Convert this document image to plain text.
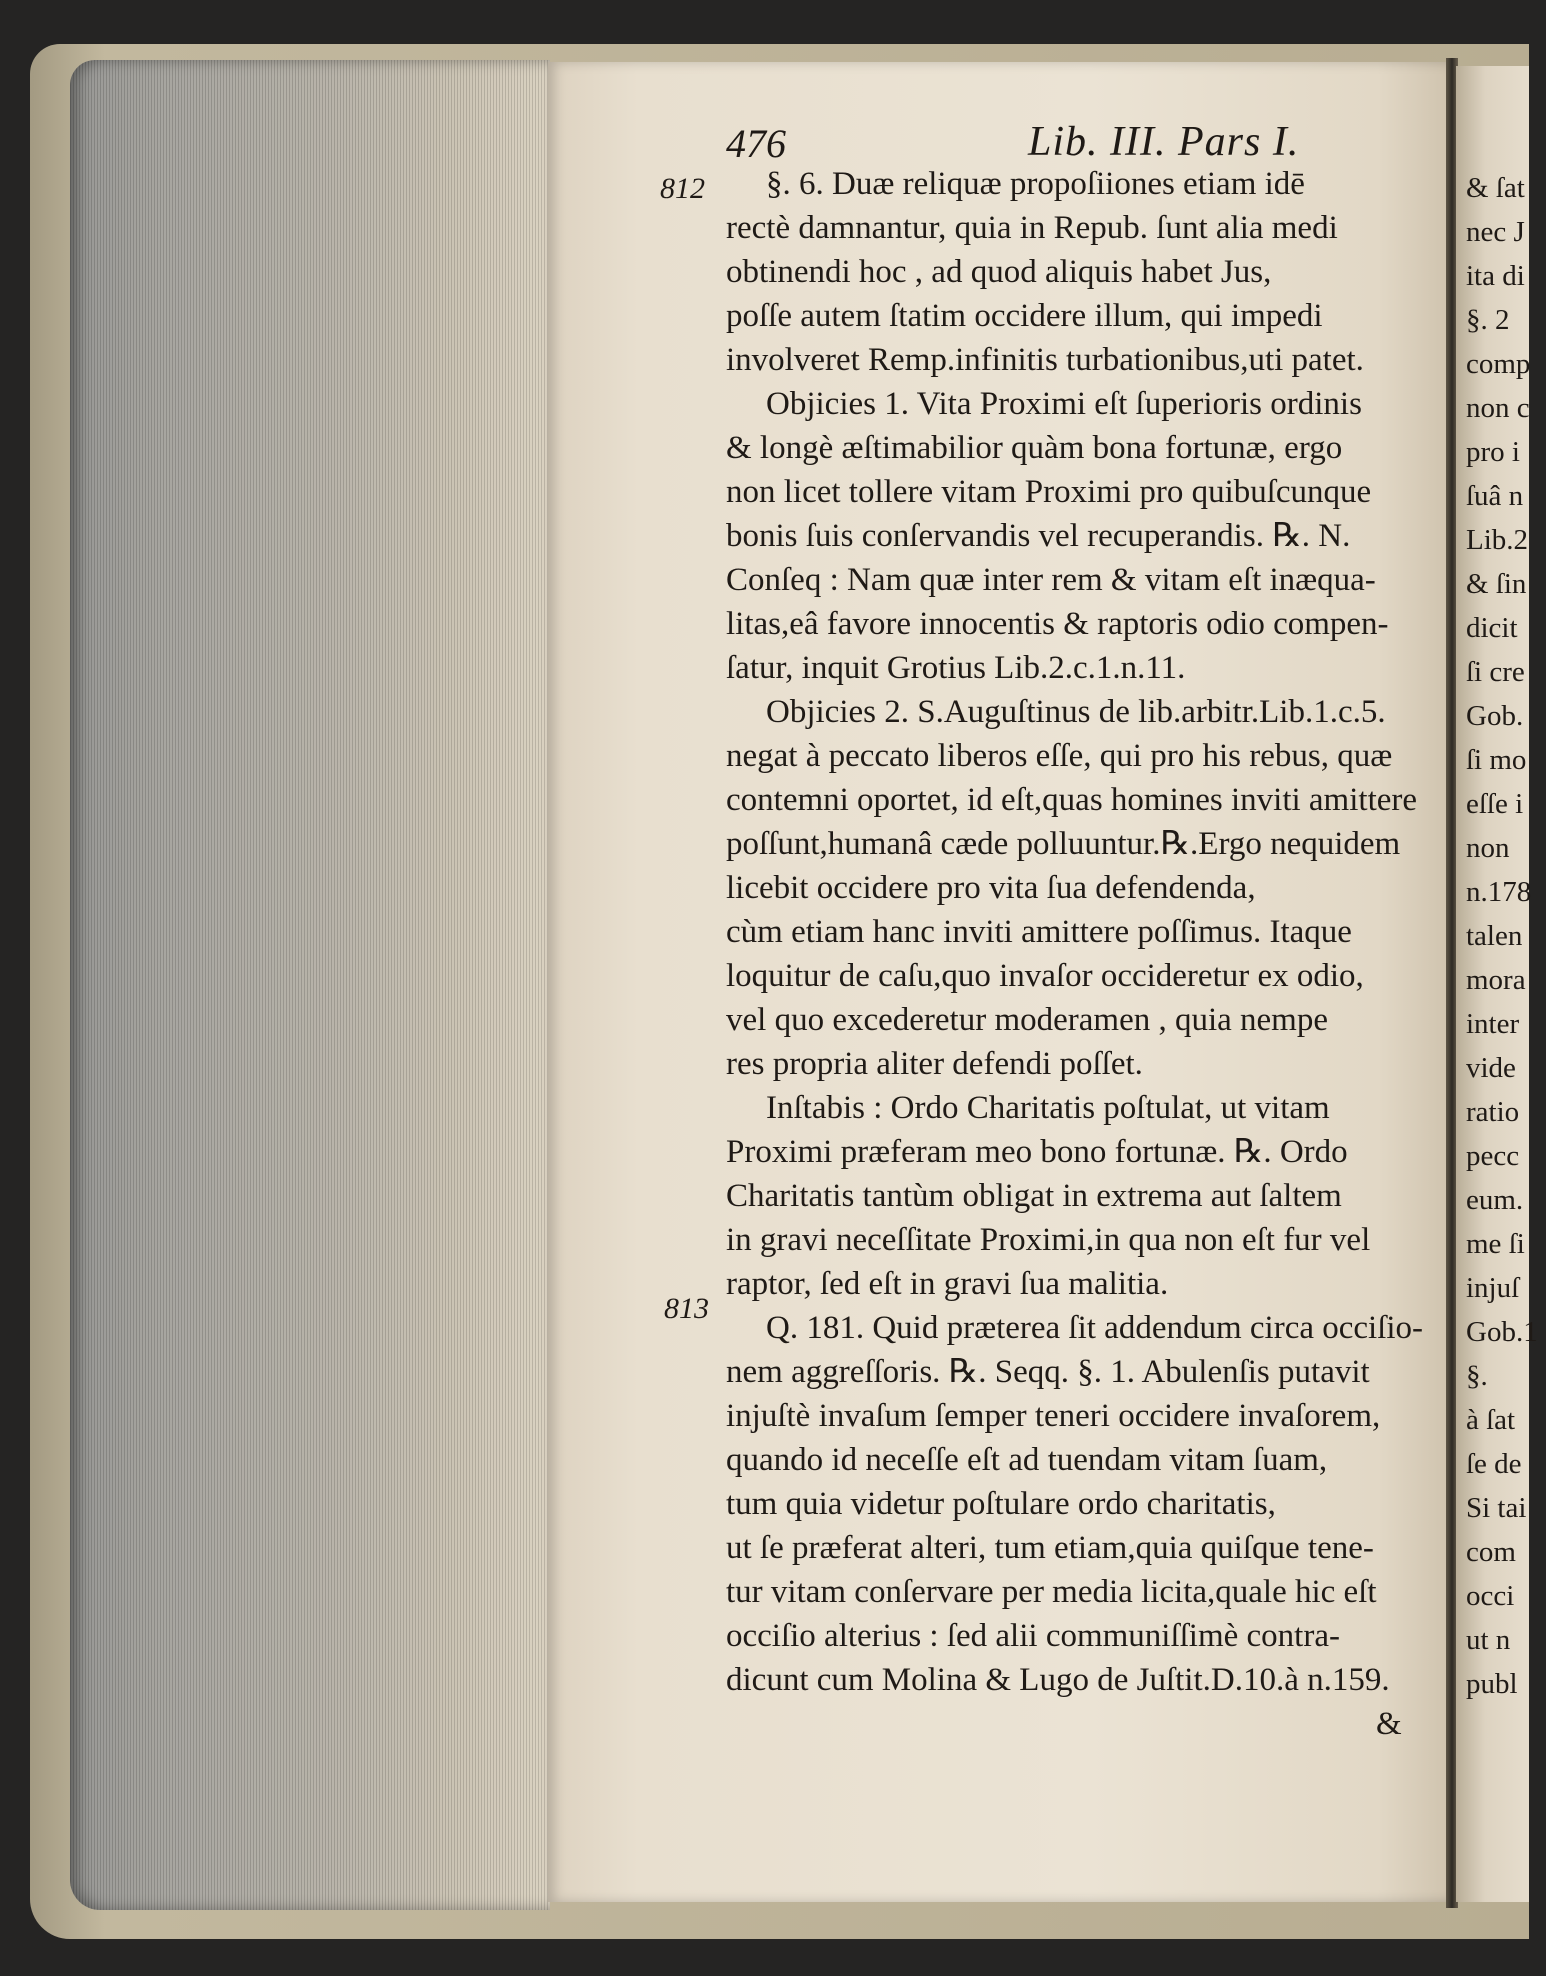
476	Lib. III. Pars I.
812
813
§. 6. Duæ reliquæ propoſiiones etiam idē
rectè damnantur, quia in Repub. ſunt alia medi
obtinendi hoc , ad quod aliquis habet Jus,
poſſe autem ſtatim occidere illum, qui impedi
involveret Remp.infinitis turbationibus,uti patet.
Objicies 1. Vita Proximi eſt ſuperioris ordinis
& longè æſtimabilior quàm bona fortunæ, ergo
non licet tollere vitam Proximi pro quibuſcunque
bonis ſuis conſervandis vel recuperandis. ℞. N.
Conſeq : Nam quæ inter rem & vitam eſt inæqua-
litas,eâ favore innocentis & raptoris odio compen-
ſatur, inquit Grotius Lib.2.c.1.n.11.
Objicies 2. S.Auguſtinus de lib.arbitr.Lib.1.c.5.
negat à peccato liberos eſſe, qui pro his rebus, quæ
contemni oportet, id eſt,quas homines inviti amittere
poſſunt,humanâ cæde polluuntur.℞.Ergo nequidem
licebit occidere pro vita ſua defendenda,
cùm etiam hanc inviti amittere poſſimus. Itaque
loquitur de caſu,quo invaſor occideretur ex odio,
vel quo excederetur moderamen , quia nempe
res propria aliter defendi poſſet.
Inſtabis : Ordo Charitatis poſtulat, ut vitam
Proximi præferam meo bono fortunæ. ℞. Ordo
Charitatis tantùm obligat in extrema aut ſaltem
in gravi neceſſitate Proximi,in qua non eſt fur vel
raptor, ſed eſt in gravi ſua malitia.
Q. 181. Quid præterea ſit addendum circa occiſio-
nem aggreſſoris. ℞. Seqq. §. 1. Abulenſis putavit
injuſtè invaſum ſemper teneri occidere invaſorem,
quando id neceſſe eſt ad tuendam vitam ſuam,
tum quia videtur poſtulare ordo charitatis,
ut ſe præferat alteri, tum etiam,quia quiſque tene-
tur vitam conſervare per media licita,quale hic eſt
occiſio alterius : ſed alii communiſſimè contra-
dicunt cum Molina & Lugo de Juſtit.D.10.à n.159.
&
& ſat
nec J
ita di
§. 2
comp
non c
pro i
ſuâ n
Lib.2
& ſin
dicit
ſi cre
Gob.
ſi mo
eſſe i
non
n.178
talen
mora
inter
vide
ratio
pecc
eum.
me ſi
injuſ
Gob.1
§.
à ſat
ſe de
Si tai
com
occi
ut n
publ
